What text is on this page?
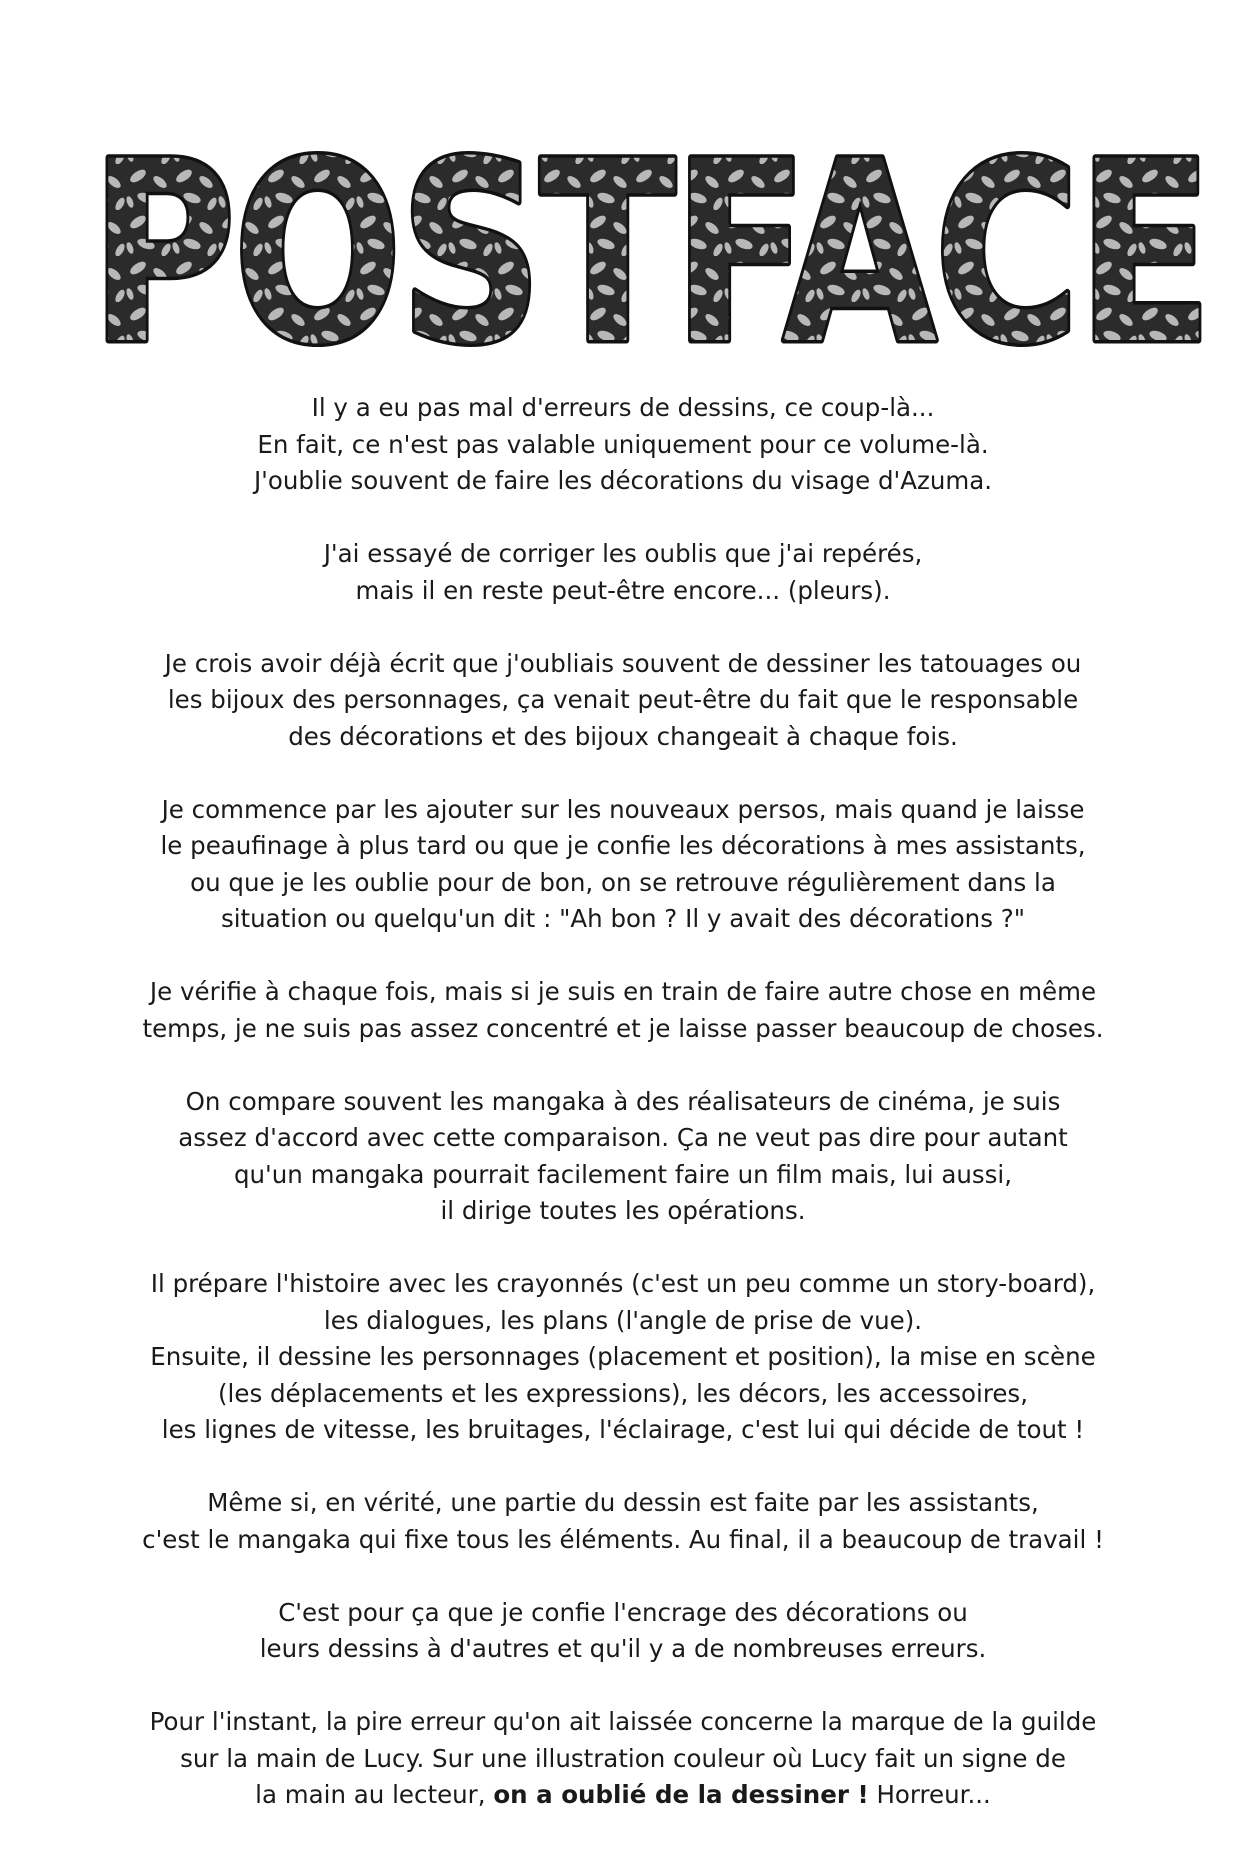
POSTFACE
Il y a eu pas mal d'erreurs de dessins, ce coup-là...
En fait, ce n'est pas valable uniquement pour ce volume-là.
J'oublie souvent de faire les décorations du visage d'Azuma.
J'ai essayé de corriger les oublis que j'ai repérés,
mais il en reste peut-être encore... (pleurs).
Je crois avoir déjà écrit que j'oubliais souvent de dessiner les tatouages ou
les bijoux des personnages, ça venait peut-être du fait que le responsable
des décorations et des bijoux changeait à chaque fois.
Je commence par les ajouter sur les nouveaux persos, mais quand je laisse
le peaufinage à plus tard ou que je confie les décorations à mes assistants,
ou que je les oublie pour de bon, on se retrouve régulièrement dans la
situation ou quelqu'un dit : "Ah bon ? Il y avait des décorations ?"
Je vérifie à chaque fois, mais si je suis en train de faire autre chose en même
temps, je ne suis pas assez concentré et je laisse passer beaucoup de choses.
On compare souvent les mangaka à des réalisateurs de cinéma, je suis
assez d'accord avec cette comparaison. Ça ne veut pas dire pour autant
qu'un mangaka pourrait facilement faire un film mais, lui aussi,
il dirige toutes les opérations.
Il prépare l'histoire avec les crayonnés (c'est un peu comme un story-board),
les dialogues, les plans (l'angle de prise de vue).
Ensuite, il dessine les personnages (placement et position), la mise en scène
(les déplacements et les expressions), les décors, les accessoires,
les lignes de vitesse, les bruitages, l'éclairage, c'est lui qui décide de tout !
Même si, en vérité, une partie du dessin est faite par les assistants,
c'est le mangaka qui fixe tous les éléments. Au final, il a beaucoup de travail !
C'est pour ça que je confie l'encrage des décorations ou
leurs dessins à d'autres et qu'il y a de nombreuses erreurs.
Pour l'instant, la pire erreur qu'on ait laissée concerne la marque de la guilde
sur la main de Lucy. Sur une illustration couleur où Lucy fait un signe de
la main au lecteur, on a oublié de la dessiner ! Horreur...
